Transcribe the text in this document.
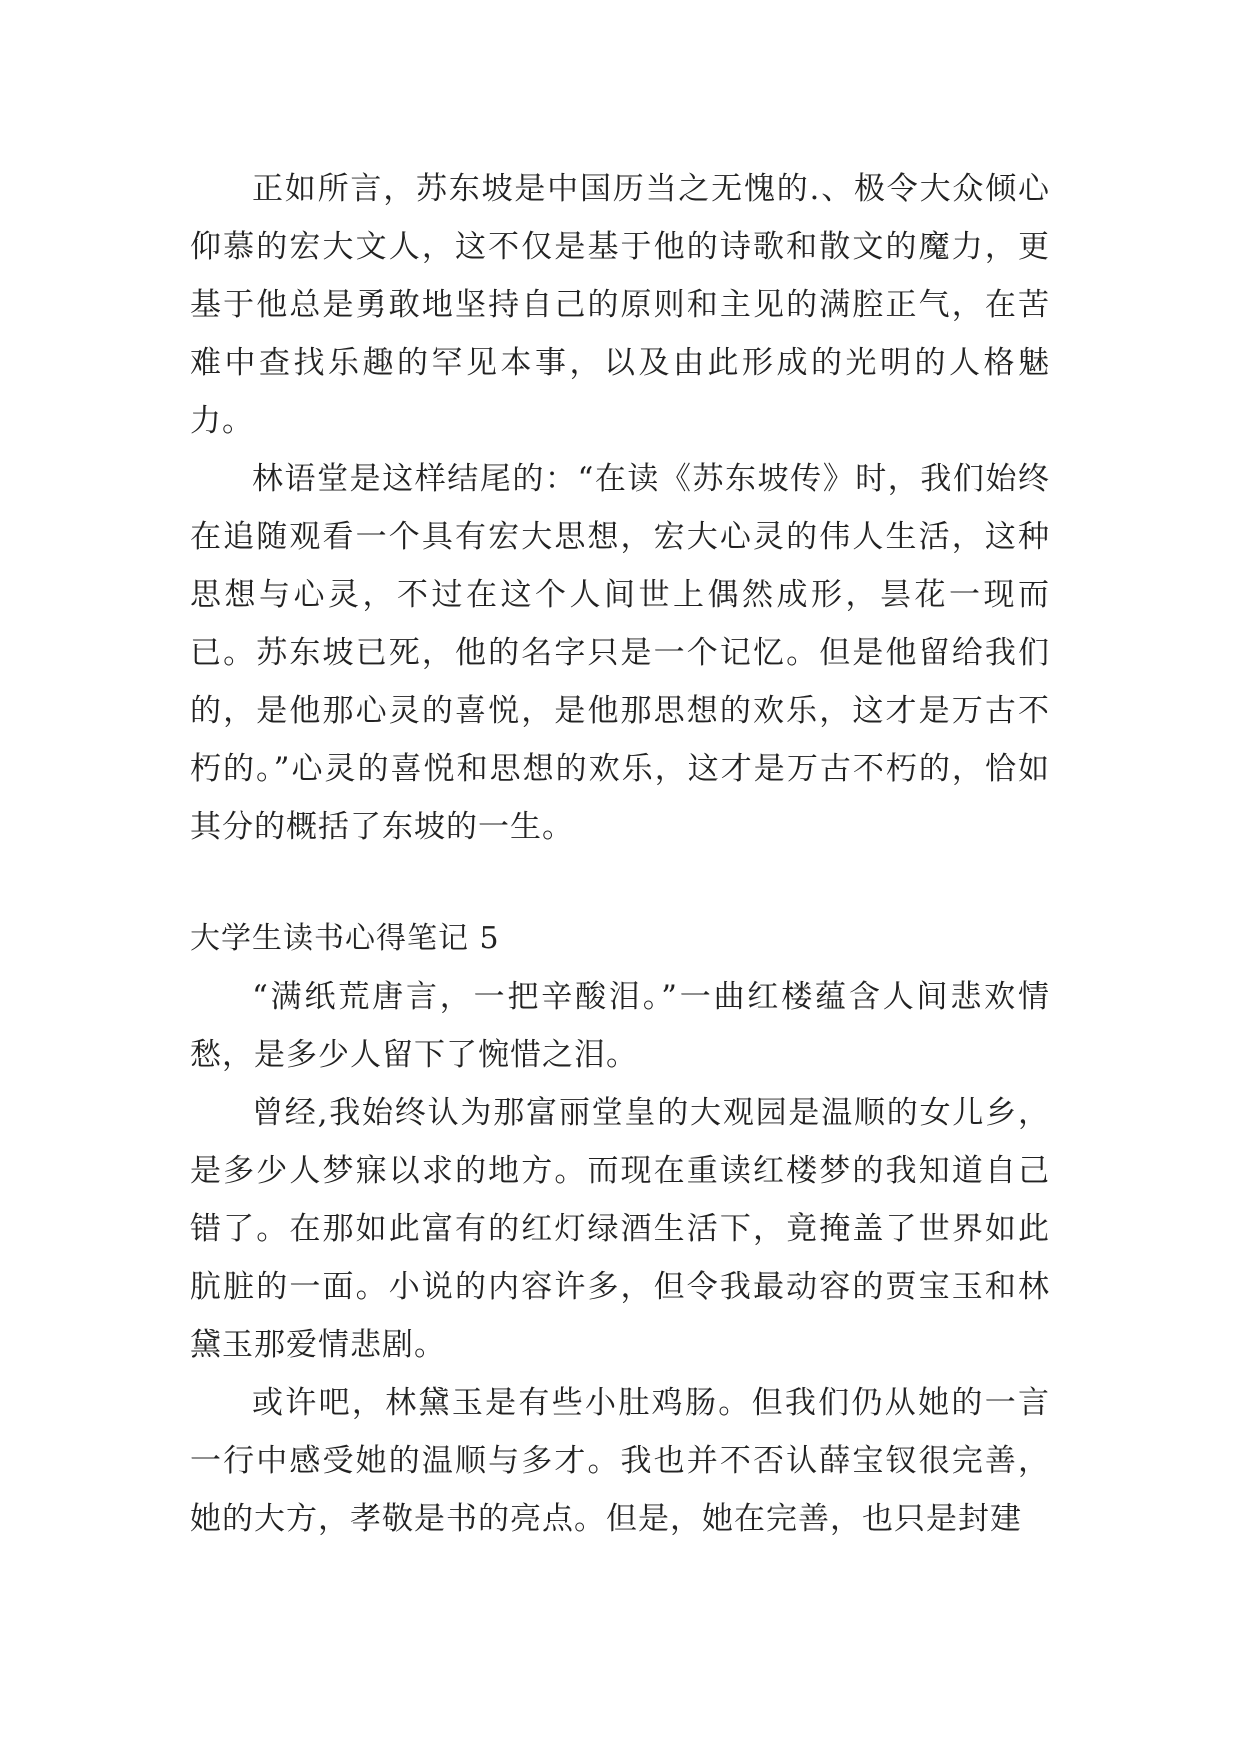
正如所言，苏东坡是中国历当之无愧的.、极令大众倾心仰慕的宏大文人，这不仅是基于他的诗歌和散文的魔力，更基于他总是勇敢地坚持自己的原则和主见的满腔正气，在苦难中查找乐趣的罕见本事，以及由此形成的光明的人格魅力。

林语堂是这样结尾的：“在读《苏东坡传》时，我们始终在追随观看一个具有宏大思想，宏大心灵的伟人生活，这种思想与心灵，不过在这个人间世上偶然成形，昙花一现而已。苏东坡已死，他的名字只是一个记忆。但是他留给我们的，是他那心灵的喜悦，是他那思想的欢乐，这才是万古不朽的。”心灵的喜悦和思想的欢乐，这才是万古不朽的，恰如其分的概括了东坡的一生。

大学生读书心得笔记 5

“满纸荒唐言，一把辛酸泪。”一曲红楼蕴含人间悲欢情愁，是多少人留下了惋惜之泪。

曾经,我始终认为那富丽堂皇的大观园是温顺的女儿乡，是多少人梦寐以求的地方。而现在重读红楼梦的我知道自己错了。在那如此富有的红灯绿酒生活下，竟掩盖了世界如此肮脏的一面。小说的内容许多，但令我最动容的贾宝玉和林黛玉那爱情悲剧。

或许吧，林黛玉是有些小肚鸡肠。但我们仍从她的一言一行中感受她的温顺与多才。我也并不否认薛宝钗很完善，她的大方，孝敬是书的亮点。但是，她在完善，也只是封建
